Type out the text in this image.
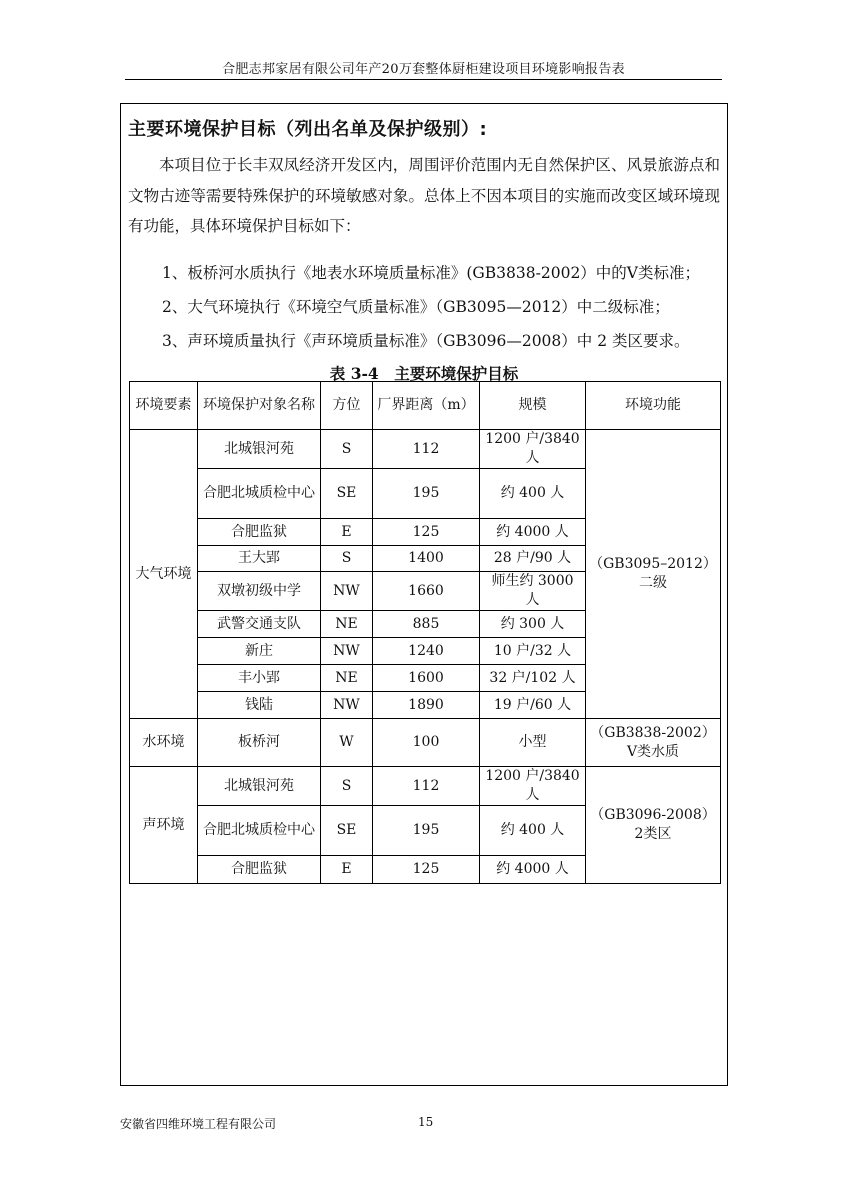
合肥志邦家居有限公司年产20万套整体厨柜建设项目环境影响报告表
主要环境保护目标（列出名单及保护级别）:
本项目位于长丰双凤经济开发区内，周围评价范围内无自然保护区、风景旅游点和文物古迹等需要特殊保护的环境敏感对象。总体上不因本项目的实施而改变区域环境现有功能，具体环境保护目标如下：
1、板桥河水质执行《地表水环境质量标准》(GB3838-2002）中的Ⅴ类标准；
2、大气环境执行《环境空气质量标准》（GB3095—2012）中二级标准；
3、声环境质量执行《声环境质量标准》（GB3096—2008）中 2 类区要求。
表 3-4　主要环境保护目标
环境要素	环境保护对象名称	方位	厂界距离（m）	规模	环境功能
大气环境	北城银河苑	S	112	1200 户/3840 人	（GB3095–2012）二级
	合肥北城质检中心	SE	195	约 400 人	
	合肥监狱	E	125	约 4000 人	
	王大郢	S	1400	28 户/90 人	
	双墩初级中学	NW	1660	师生约 3000 人	
	武警交通支队	NE	885	约 300 人	
	新庄	NW	1240	10 户/32 人	
	丰小郢	NE	1600	32 户/102 人	
	钱陆	NW	1890	19 户/60 人	
水环境	板桥河	W	100	小型	（GB3838-2002）Ⅴ类水质
声环境	北城银河苑	S	112	1200 户/3840 人	（GB3096-2008）2类区
	合肥北城质检中心	SE	195	约 400 人	
	合肥监狱	E	125	约 4000 人	
安徽省四维环境工程有限公司	15
